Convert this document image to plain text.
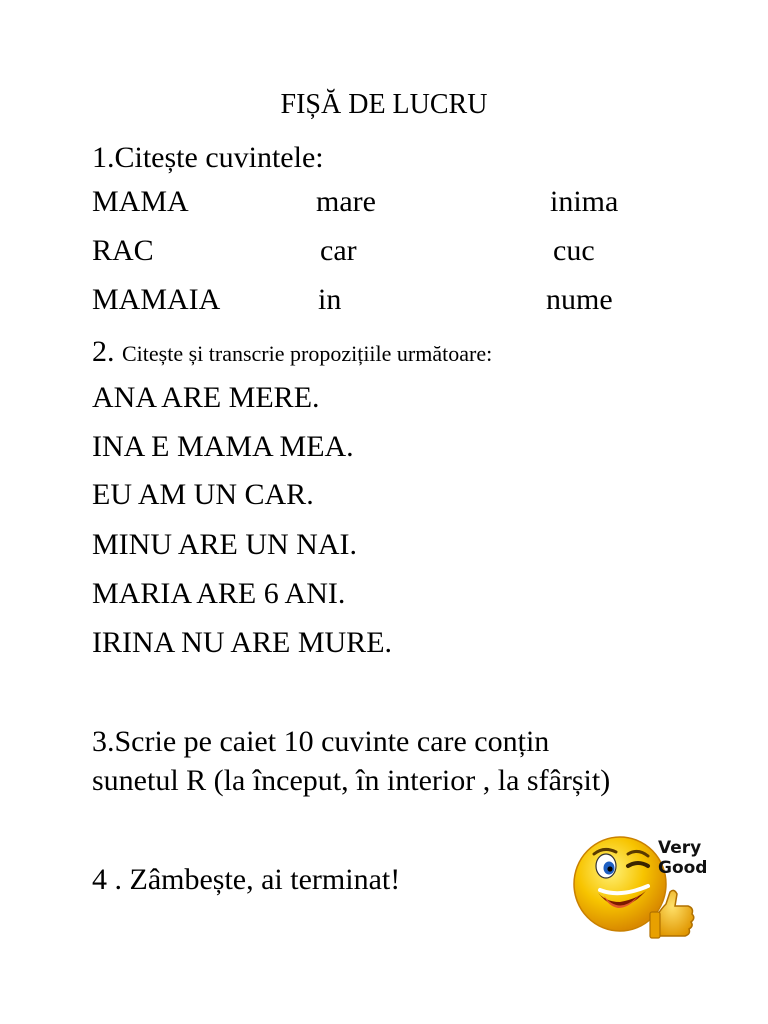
FIȘĂ DE LUCRU
1.Citește cuvintele:
MAMA	mare	inima
RAC	car	cuc
MAMAIA	in	nume
2. Citește și transcrie propozițiile următoare:
ANA ARE MERE.
INA E MAMA MEA.
EU AM UN CAR.
MINU ARE UN NAI.
MARIA ARE 6 ANI.
IRINA NU ARE MURE.
3.Scrie pe caiet 10 cuvinte care conțin
sunetul R (la început, în interior , la sfârșit)
4 . Zâmbește, ai terminat!
Very
Good
